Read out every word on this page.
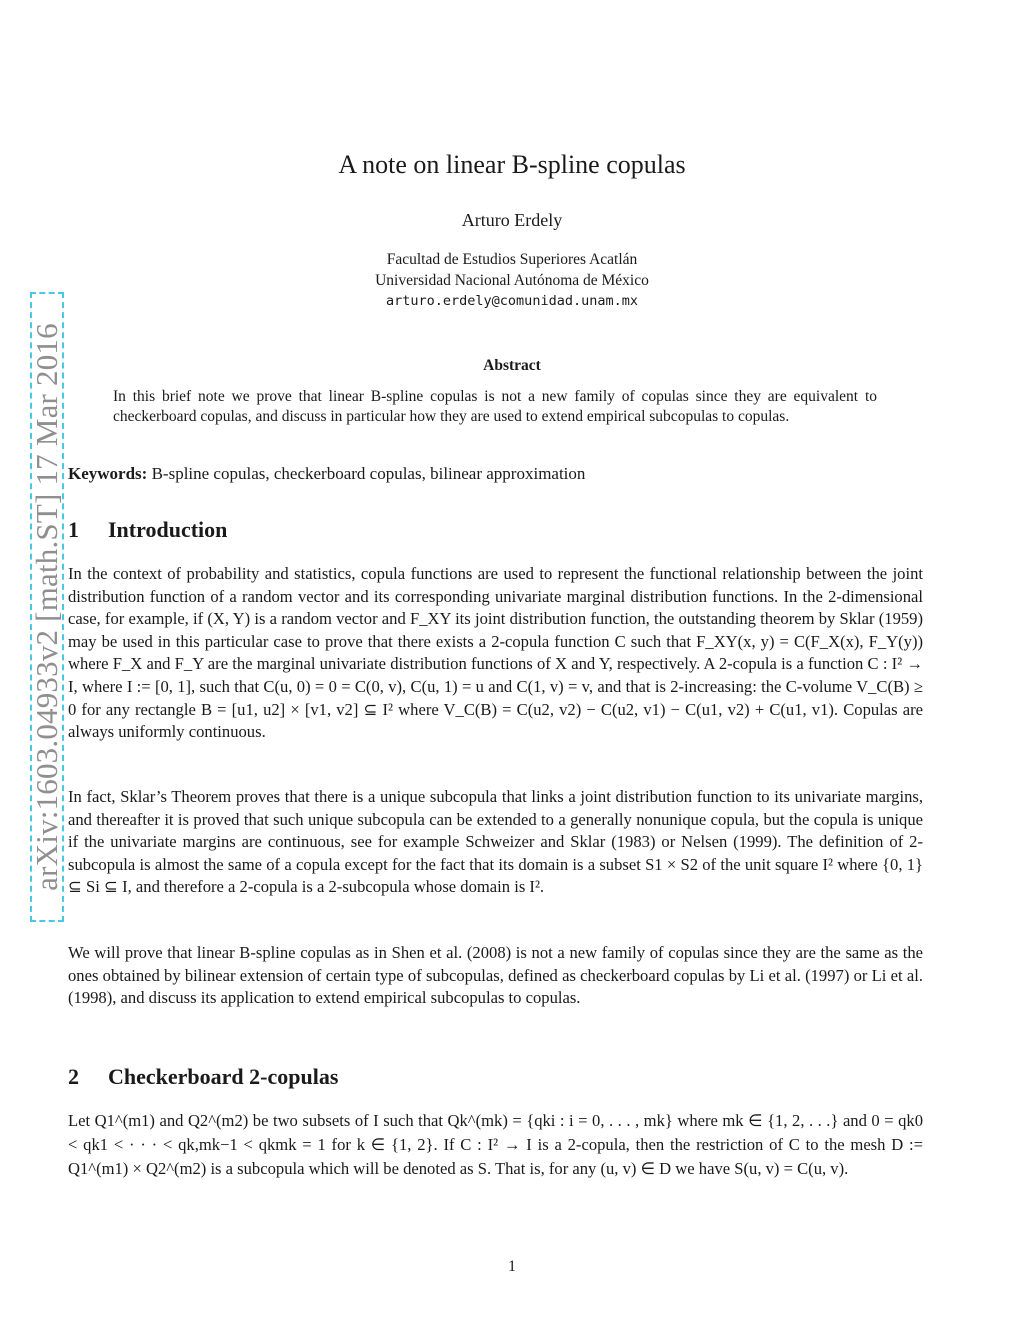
arXiv:1603.04933v2 [math.ST] 17 Mar 2016
A note on linear B-spline copulas
Arturo Erdely
Facultad de Estudios Superiores Acatlán
Universidad Nacional Autónoma de México
arturo.erdely@comunidad.unam.mx
Abstract
In this brief note we prove that linear B-spline copulas is not a new family of copulas since they are equivalent to checkerboard copulas, and discuss in particular how they are used to extend empirical subcopulas to copulas.
Keywords: B-spline copulas, checkerboard copulas, bilinear approximation
1 Introduction
In the context of probability and statistics, copula functions are used to represent the functional relationship between the joint distribution function of a random vector and its corresponding univariate marginal distribution functions. In the 2-dimensional case, for example, if (X, Y) is a random vector and F_XY its joint distribution function, the outstanding theorem by Sklar (1959) may be used in this particular case to prove that there exists a 2-copula function C such that F_XY(x, y) = C(F_X(x), F_Y(y)) where F_X and F_Y are the marginal univariate distribution functions of X and Y, respectively. A 2-copula is a function C : I² → I, where I := [0, 1], such that C(u, 0) = 0 = C(0, v), C(u, 1) = u and C(1, v) = v, and that is 2-increasing: the C-volume V_C(B) ≥ 0 for any rectangle B = [u1, u2] × [v1, v2] ⊆ I² where V_C(B) = C(u2, v2) − C(u2, v1) − C(u1, v2) + C(u1, v1). Copulas are always uniformly continuous.
In fact, Sklar’s Theorem proves that there is a unique subcopula that links a joint distribution function to its univariate margins, and thereafter it is proved that such unique subcopula can be extended to a generally nonunique copula, but the copula is unique if the univariate margins are continuous, see for example Schweizer and Sklar (1983) or Nelsen (1999). The definition of 2-subcopula is almost the same of a copula except for the fact that its domain is a subset S1 × S2 of the unit square I² where {0, 1} ⊆ Si ⊆ I, and therefore a 2-copula is a 2-subcopula whose domain is I².
We will prove that linear B-spline copulas as in Shen et al. (2008) is not a new family of copulas since they are the same as the ones obtained by bilinear extension of certain type of subcopulas, defined as checkerboard copulas by Li et al. (1997) or Li et al. (1998), and discuss its application to extend empirical subcopulas to copulas.
2 Checkerboard 2-copulas
Let Q1^(m1) and Q2^(m2) be two subsets of I such that Qk^(mk) = {qki : i = 0, . . . , mk} where mk ∈ {1, 2, . . .} and 0 = qk0 < qk1 < · · · < qk,mk−1 < qkmk = 1 for k ∈ {1, 2}. If C : I² → I is a 2-copula, then the restriction of C to the mesh D := Q1^(m1) × Q2^(m2) is a subcopula which will be denoted as S. That is, for any (u, v) ∈ D we have S(u, v) = C(u, v).
1
